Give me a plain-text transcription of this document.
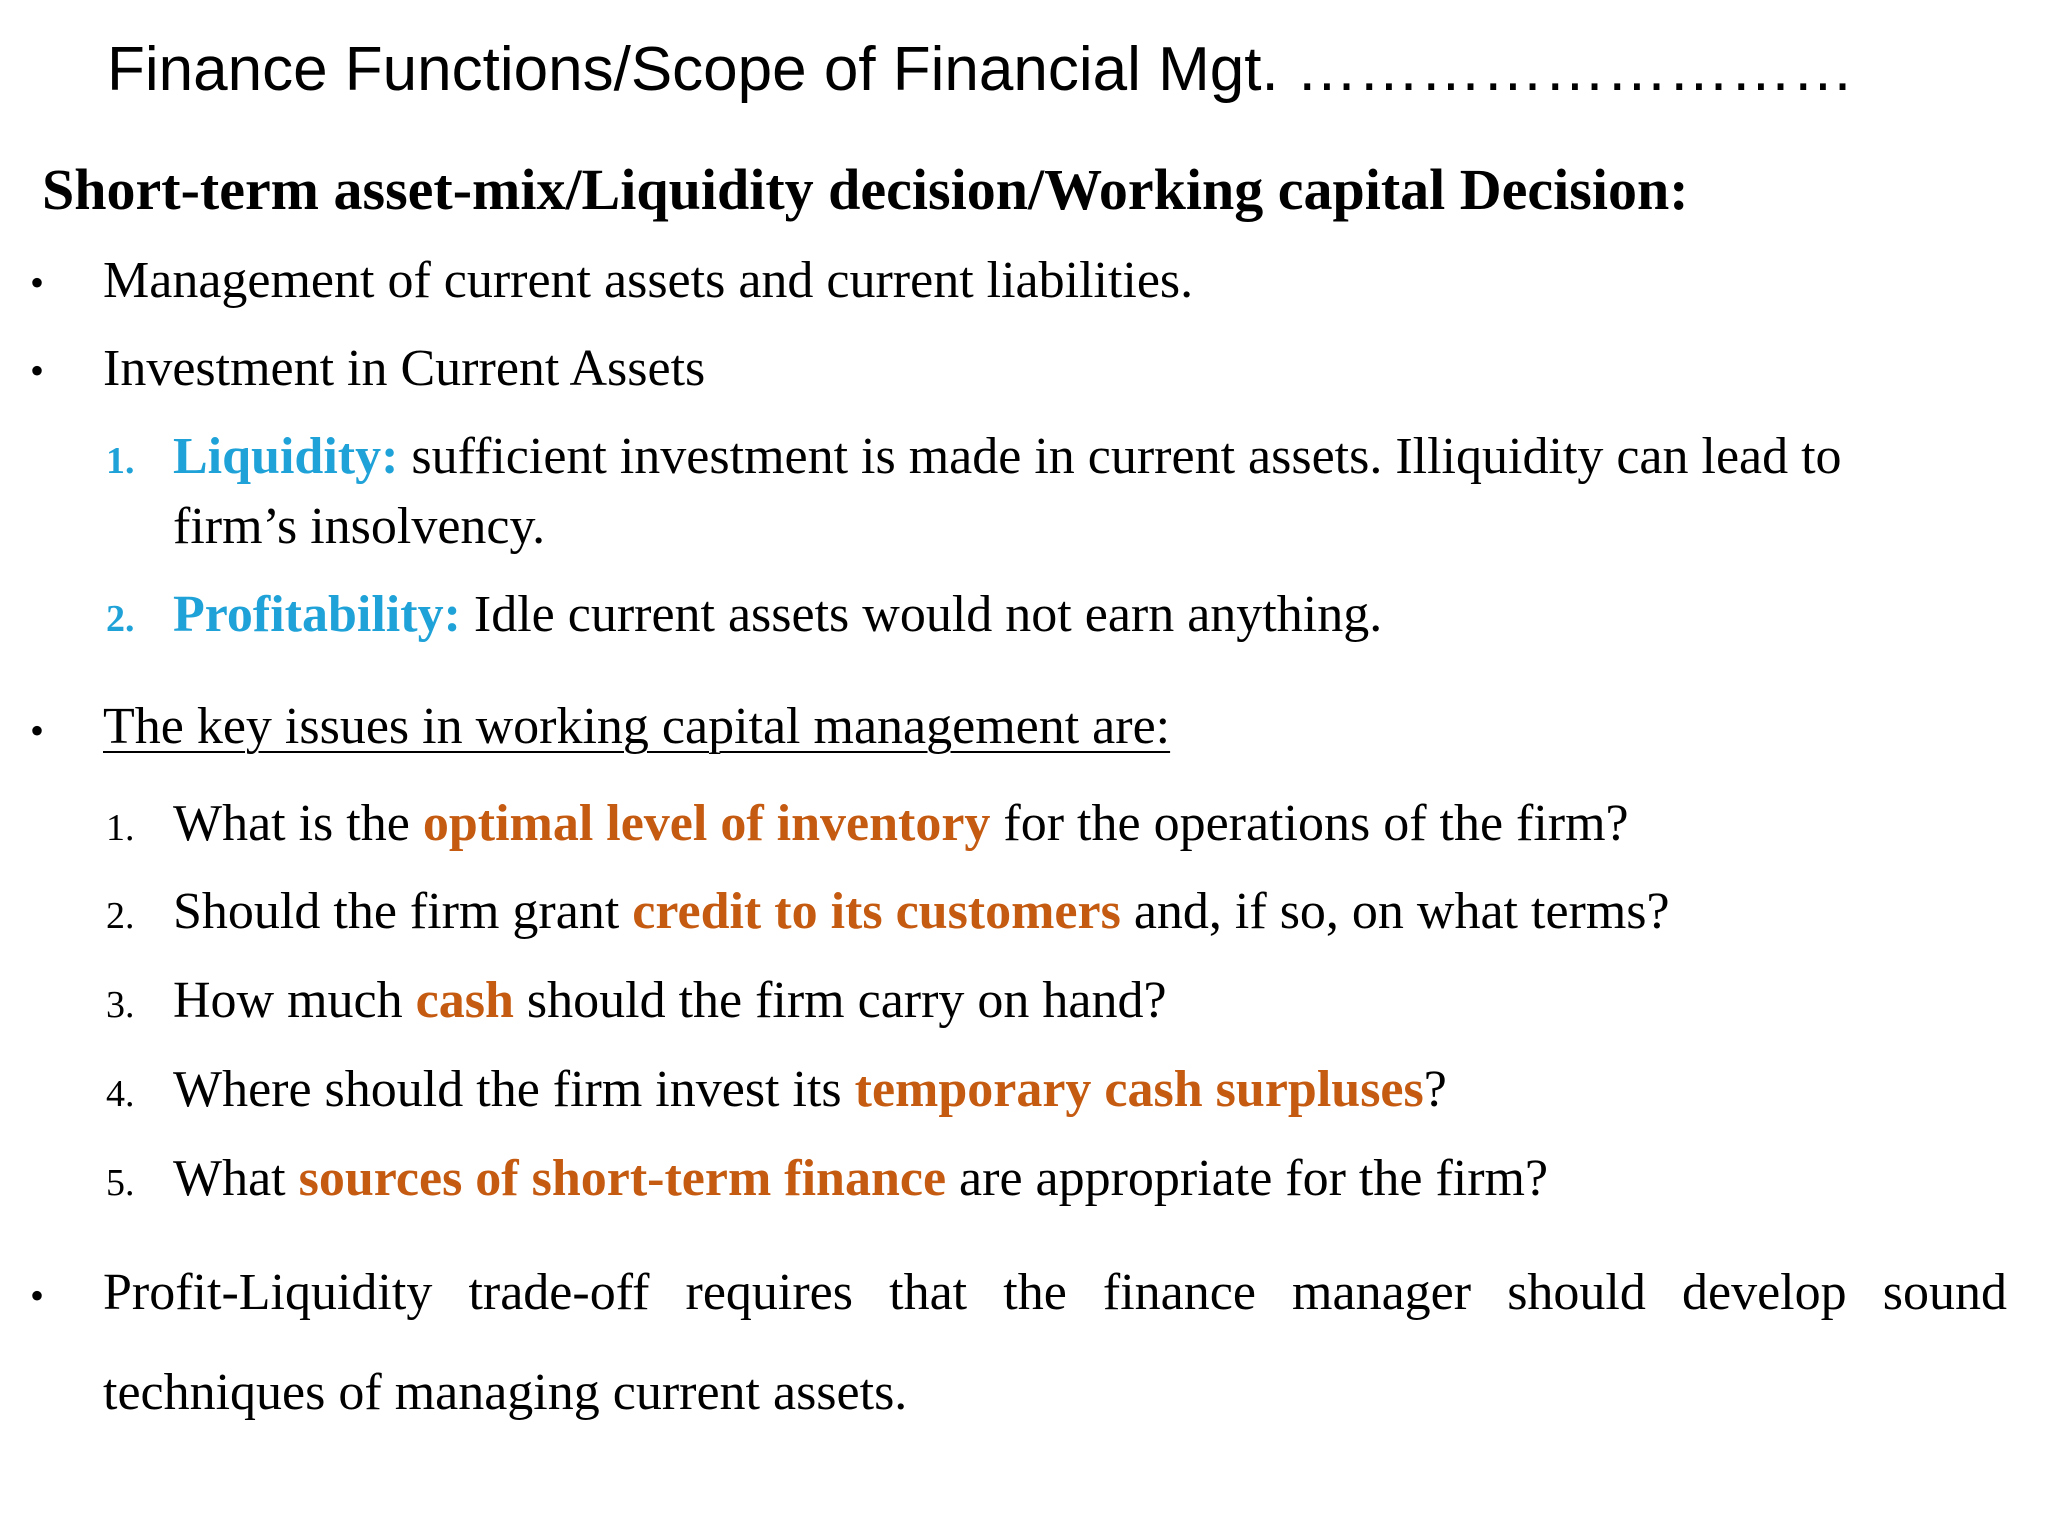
Finance Functions/Scope of Financial Mgt. ………………………
Short-term asset-mix/Liquidity decision/Working capital Decision:
• Management of current assets and current liabilities.
• Investment in Current Assets
1. Liquidity: sufficient investment is made in current assets. Illiquidity can lead to
firm’s insolvency.
2. Profitability: Idle current assets would not earn anything.
• The key issues in working capital management are:
1. What is the optimal level of inventory for the operations of the firm?
2. Should the firm grant credit to its customers and, if so, on what terms?
3. How much cash should the firm carry on hand?
4. Where should the firm invest its temporary cash surpluses?
5. What sources of short-term finance are appropriate for the firm?
• Profit-Liquidity trade-off requires that the finance manager should develop sound
techniques of managing current assets.
